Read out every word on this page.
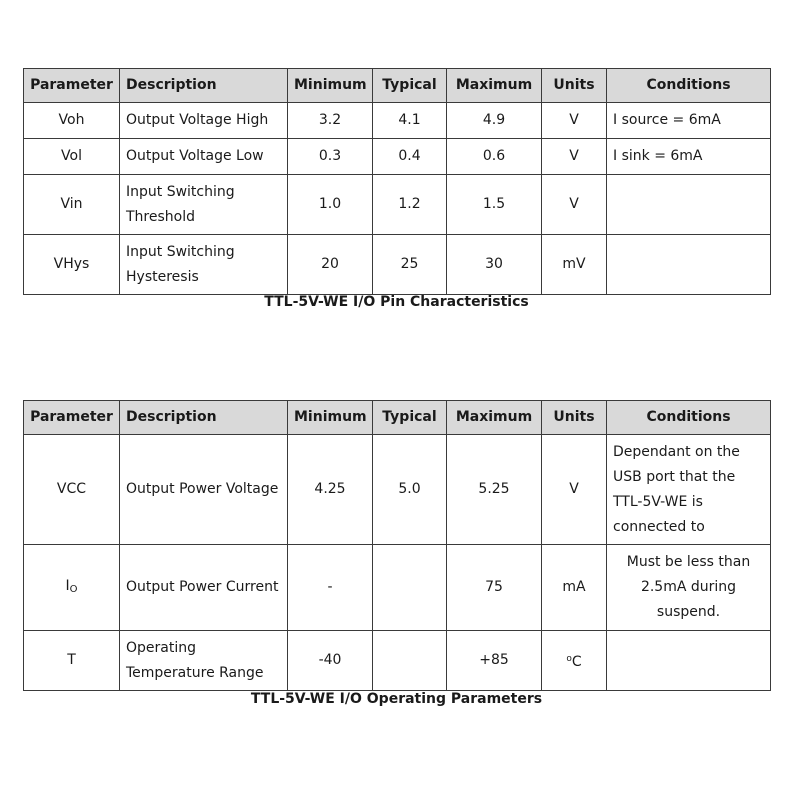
Parameter	Description	Minimum	Typical	Maximum	Units	Conditions
Voh	Output Voltage High	3.2	4.1	4.9	V	I source = 6mA
Vol	Output Voltage Low	0.3	0.4	0.6	V	I sink = 6mA
Vin	Input Switching Threshold	1.0	1.2	1.5	V	
VHys	Input Switching Hysteresis	20	25	30	mV	
TTL-5V-WE I/O Pin Characteristics
Parameter	Description	Minimum	Typical	Maximum	Units	Conditions
VCC	Output Power Voltage	4.25	5.0	5.25	V	Dependant on the USB port that the TTL-5V-WE is connected to
$I_O$	Output Power Current	-		75	mA	Must be less than 2.5mA during suspend.
T	Operating Temperature Range	-40		+85	$^o$C	
TTL-5V-WE I/O Operating Parameters
